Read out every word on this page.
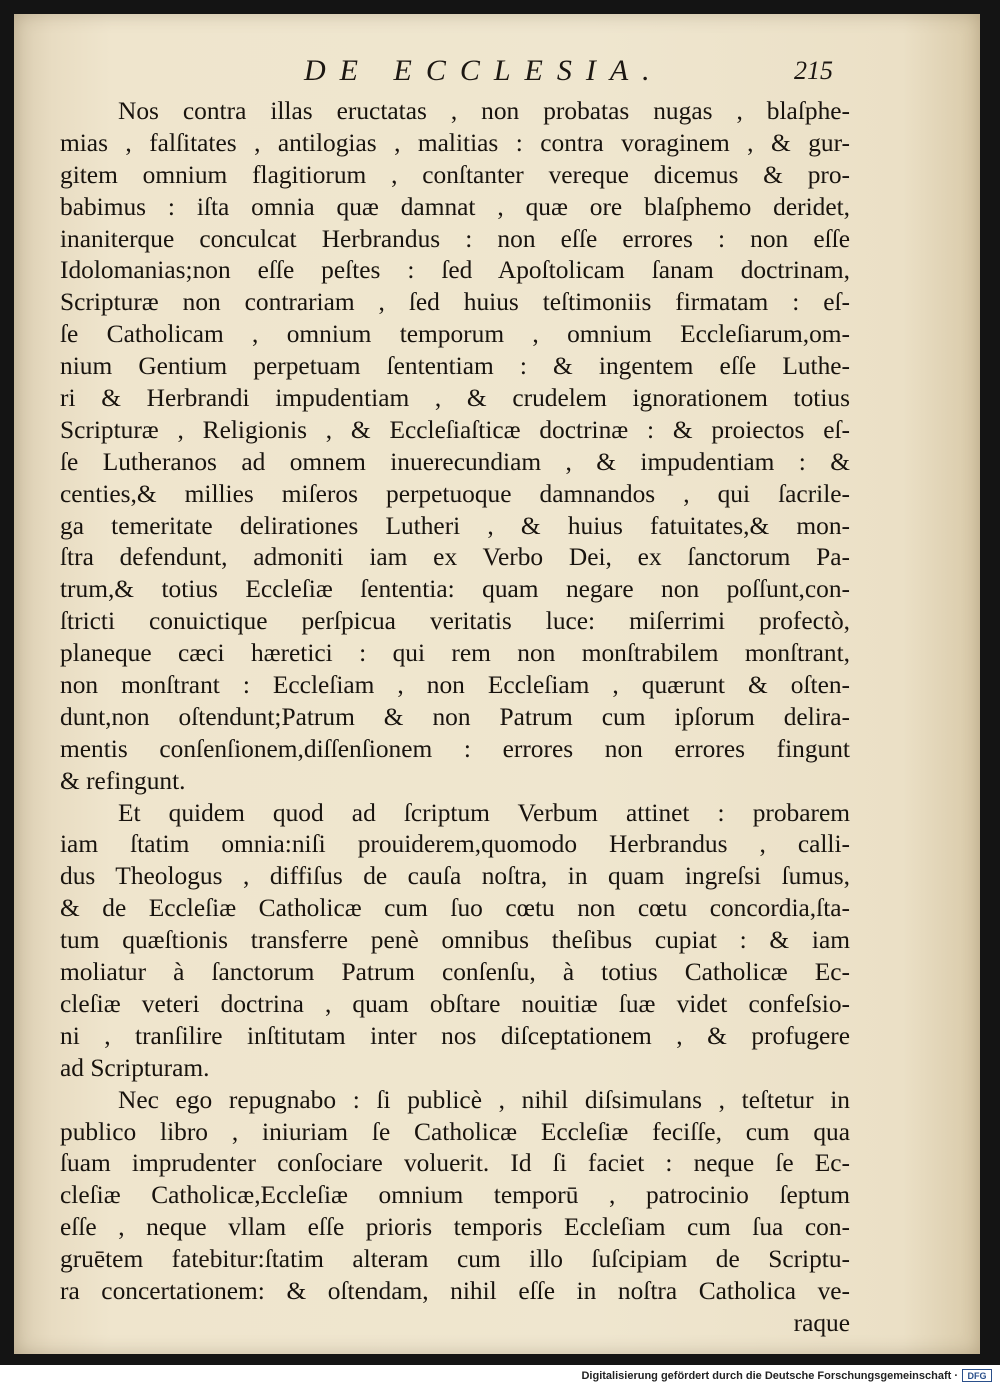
DE ECCLESIA.	215
Nos contra illas eructatas , non probatas nugas , blaſphe-
mias , falſitates , antilogias , malitias : contra voraginem , & gur-
gitem omnium flagitiorum , conſtanter vereque dicemus & pro-
babimus : iſta omnia quæ damnat , quæ ore blaſphemo deridet,
inaniterque conculcat Herbrandus : non eſſe errores : non eſſe
Idolomanias;non eſſe peſtes : ſed Apoſtolicam ſanam doctrinam,
Scripturæ non contrariam , ſed huius teſtimoniis firmatam : eſ-
ſe Catholicam , omnium temporum , omnium Eccleſiarum,om-
nium Gentium perpetuam ſententiam : & ingentem eſſe Luthe-
ri & Herbrandi impudentiam , & crudelem ignorationem totius
Scripturæ , Religionis , & Eccleſiaſticæ doctrinæ : & proiectos eſ-
ſe Lutheranos ad omnem inuerecundiam , & impudentiam : &
centies,& millies miſeros perpetuoque damnandos , qui ſacrile-
ga temeritate delirationes Lutheri , & huius fatuitates,& mon-
ſtra defendunt, admoniti iam ex Verbo Dei, ex ſanctorum Pa-
trum,& totius Eccleſiæ ſententia: quam negare non poſſunt,con-
ſtricti conuictique perſpicua veritatis luce: miſerrimi profectò,
planeque cæci hæretici : qui rem non monſtrabilem monſtrant,
non monſtrant : Eccleſiam , non Eccleſiam , quærunt & oſten-
dunt,non oſtendunt;Patrum & non Patrum cum ipſorum delira-
mentis conſenſionem,diſſenſionem : errores non errores fingunt
& refingunt.
Et quidem quod ad ſcriptum Verbum attinet : probarem
iam ſtatim omnia:niſi prouiderem,quomodo Herbrandus , calli-
dus Theologus , diffiſus de cauſa noſtra, in quam ingreſsi ſumus,
& de Eccleſiæ Catholicæ cum ſuo cœtu non cœtu concordia,ſta-
tum quæſtionis transferre penè omnibus theſibus cupiat : & iam
moliatur à ſanctorum Patrum conſenſu, à totius Catholicæ Ec-
cleſiæ veteri doctrina , quam obſtare nouitiæ ſuæ videt confeſsio-
ni , tranſilire inſtitutam inter nos diſceptationem , & profugere
ad Scripturam.
Nec ego repugnabo : ſi publicè , nihil diſsimulans , teſtetur in
publico libro , iniuriam ſe Catholicæ Eccleſiæ feciſſe, cum qua
ſuam imprudenter conſociare voluerit. Id ſi faciet : neque ſe Ec-
cleſiæ Catholicæ,Eccleſiæ omnium temporū , patrocinio ſeptum
eſſe , neque vllam eſſe prioris temporis Eccleſiam cum ſua con-
gruētem fatebitur:ſtatim alteram cum illo ſuſcipiam de Scriptu-
ra concertationem: & oſtendam, nihil eſſe in noſtra Catholica ve-
raque
Digitalisierung gefördert durch die Deutsche Forschungsgemeinschaft ·	DFG
